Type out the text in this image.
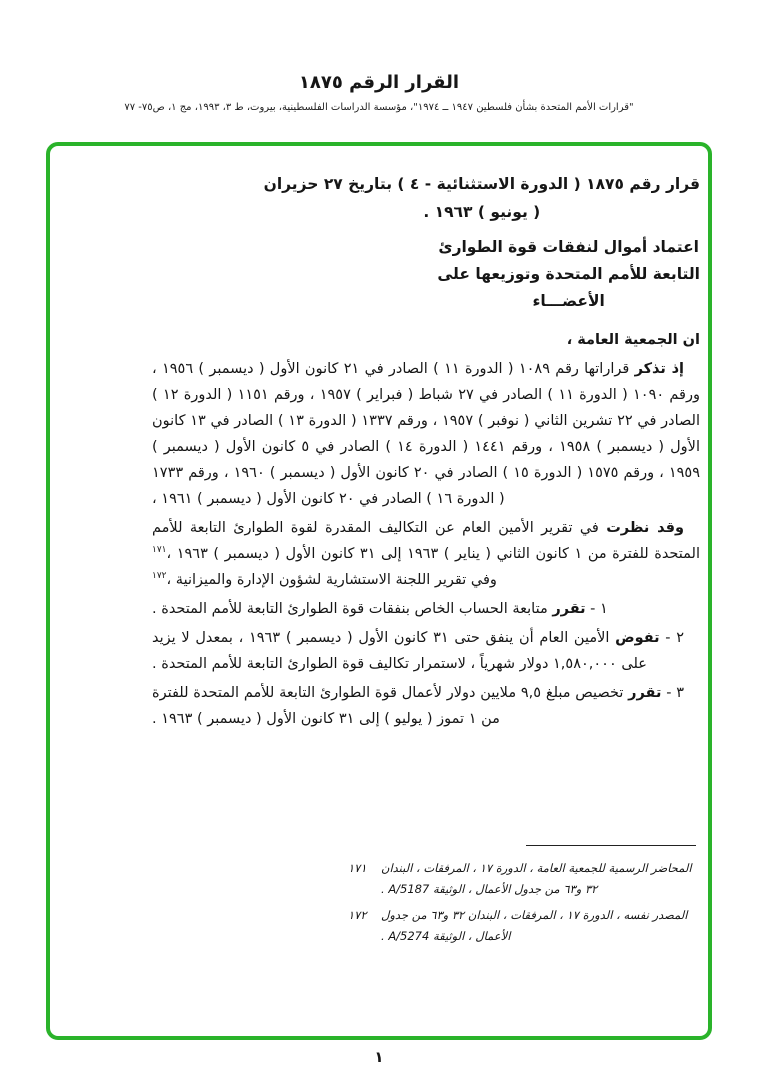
القرار الرقم ١٨٧٥
"قرارات الأمم المتحدة بشأن فلسطين ١٩٤٧ ــ ١٩٧٤"، مؤسسة الدراسات الفلسطينية، بيروت، ط ٣، ١٩٩٣، مج ١، ص٧٥- ٧٧
قرار رقم ١٨٧٥ ( الدورة الاستثنائية - ٤ ) بتاريخ ٢٧ حزيران
( يونيو ) ١٩٦٣ .
اعتماد أموال لنفقات قوة الطوارئ
التابعة للأمم المتحدة وتوزيعها على
الأعضـــاء
ان الجمعية العامة ،
إذ تذكر قراراتها رقم ١٠٨٩ ( الدورة ١١ ) الصادر في ٢١ كانون الأول ( ديسمبر ) ١٩٥٦ ، ورقم ١٠٩٠ ( الدورة ١١ ) الصادر في ٢٧ شباط ( فبراير ) ١٩٥٧ ، ورقم ١١٥١ ( الدورة ١٢ ) الصادر في ٢٢ تشرين الثاني ( نوفبر ) ١٩٥٧ ، ورقم ١٣٣٧ ( الدورة ١٣ ) الصادر في ١٣ كانون الأول ( ديسمبر ) ١٩٥٨ ، ورقم ١٤٤١ ( الدورة ١٤ ) الصادر في ٥ كانون الأول ( ديسمبر ) ١٩٥٩ ، ورقم ١٥٧٥ ( الدورة ١٥ ) الصادر في ٢٠ كانون الأول ( ديسمبر ) ١٩٦٠ ، ورقم ١٧٣٣ ( الدورة ١٦ ) الصادر في ٢٠ كانون الأول ( ديسمبر ) ١٩٦١ ،
وقد نظرت في تقرير الأمين العام عن التكاليف المقدرة لقوة الطوارئ التابعة للأمم المتحدة للفترة من ١ كانون الثاني ( يناير ) ١٩٦٣ إلى ٣١ كانون الأول ( ديسمبر ) ١٩٦٣ ،$^{١٧١}$ وفي تقرير اللجنة الاستشارية لشؤون الإدارة والميزانية ،$^{١٧٢}$
١ - تقرر متابعة الحساب الخاص بنفقات قوة الطوارئ التابعة للأمم المتحدة .
٢ - تفوض الأمين العام أن ينفق حتى ٣١ كانون الأول ( ديسمبر ) ١٩٦٣ ، بمعدل لا يزيد على ١,٥٨٠,٠٠٠ دولار شهرياً ، لاستمرار تكاليف قوة الطوارئ التابعة للأمم المتحدة .
٣ - تقرر تخصيص مبلغ ٩,٥ ملايين دولار لأعمال قوة الطوارئ التابعة للأمم المتحدة للفترة من ١ تموز ( يوليو ) إلى ٣١ كانون الأول ( ديسمبر ) ١٩٦٣ .
١٧١	المحاضر الرسمية للجمعية العامة ، الدورة ١٧ ، المرفقات ، البندان ٣٢ و٦٣ من جدول الأعمال ، الوثيقة A/5187 .
١٧٢	المصدر نفسه ، الدورة ١٧ ، المرفقات ، البندان ٣٢ و٦٣ من جدول الأعمال ، الوثيقة A/5274 .
١
